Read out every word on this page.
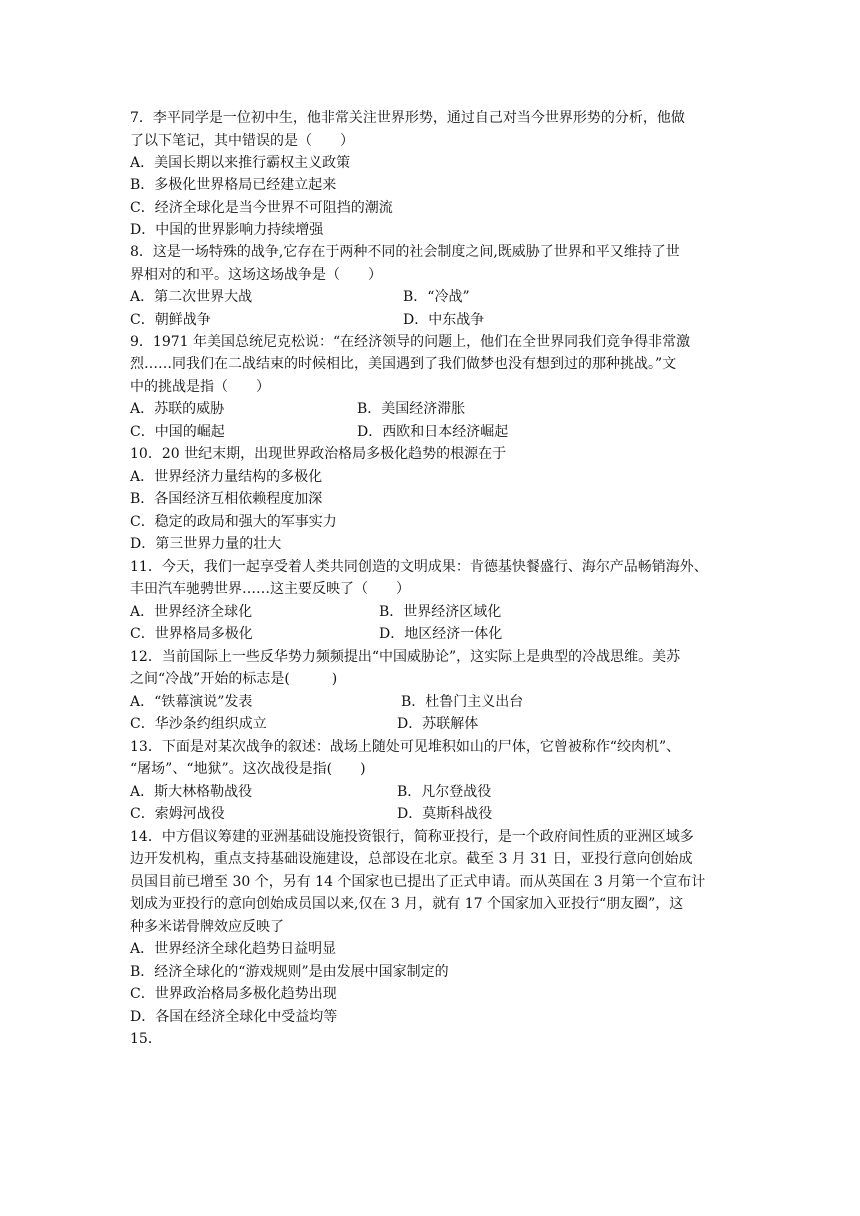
7．李平同学是一位初中生，他非常关注世界形势，通过自己对当今世界形势的分析，他做
了以下笔记，其中错误的是（　　）
A．美国长期以来推行霸权主义政策
B．多极化世界格局已经建立起来
C．经济全球化是当今世界不可阻挡的潮流
D．中国的世界影响力持续增强
8．这是一场特殊的战争,它存在于两种不同的社会制度之间,既威胁了世界和平又维持了世
界相对的和平。这场这场战争是（　　）
A．第二次世界大战	B．“冷战”
C．朝鲜战争	D．中东战争
9．1971 年美国总统尼克松说：“在经济领导的问题上，他们在全世界同我们竞争得非常激
烈……同我们在二战结束的时候相比，美国遇到了我们做梦也没有想到过的那种挑战。”文
中的挑战是指（　　）
A．苏联的威胁	B．美国经济滞胀
C．中国的崛起	D．西欧和日本经济崛起
10．20 世纪末期，出现世界政治格局多极化趋势的根源在于
A．世界经济力量结构的多极化
B．各国经济互相依赖程度加深
C．稳定的政局和强大的军事实力
D．第三世界力量的壮大
11．今天，我们一起享受着人类共同创造的文明成果：肯德基快餐盛行、海尔产品畅销海外、
丰田汽车驰骋世界……这主要反映了（　　）
A．世界经济全球化	B．世界经济区域化
C．世界格局多极化	D．地区经济一体化
12．当前国际上一些反华势力频频提出“中国威胁论”，这实际上是典型的冷战思维。美苏
之间“冷战”开始的标志是(　　　)
A．“铁幕演说”发表	B．杜鲁门主义出台
C．华沙条约组织成立	D．苏联解体
13．下面是对某次战争的叙述：战场上随处可见堆积如山的尸体，它曾被称作“绞肉机”、
“屠场”、“地狱”。这次战役是指(　　)
A．斯大林格勒战役	B．凡尔登战役
C．索姆河战役	D．莫斯科战役
14．中方倡议筹建的亚洲基础设施投资银行，简称亚投行，是一个政府间性质的亚洲区域多
边开发机构，重点支持基础设施建设，总部设在北京。截至 3 月 31 日，亚投行意向创始成
员国目前已增至 30 个，另有 14 个国家也已提出了正式申请。而从英国在 3 月第一个宣布计
划成为亚投行的意向创始成员国以来,仅在 3 月，就有 17 个国家加入亚投行“朋友圈”，这
种多米诺骨牌效应反映了
A．世界经济全球化趋势日益明显
B．经济全球化的“游戏规则”是由发展中国家制定的
C．世界政治格局多极化趋势出现
D．各国在经济全球化中受益均等
15．
